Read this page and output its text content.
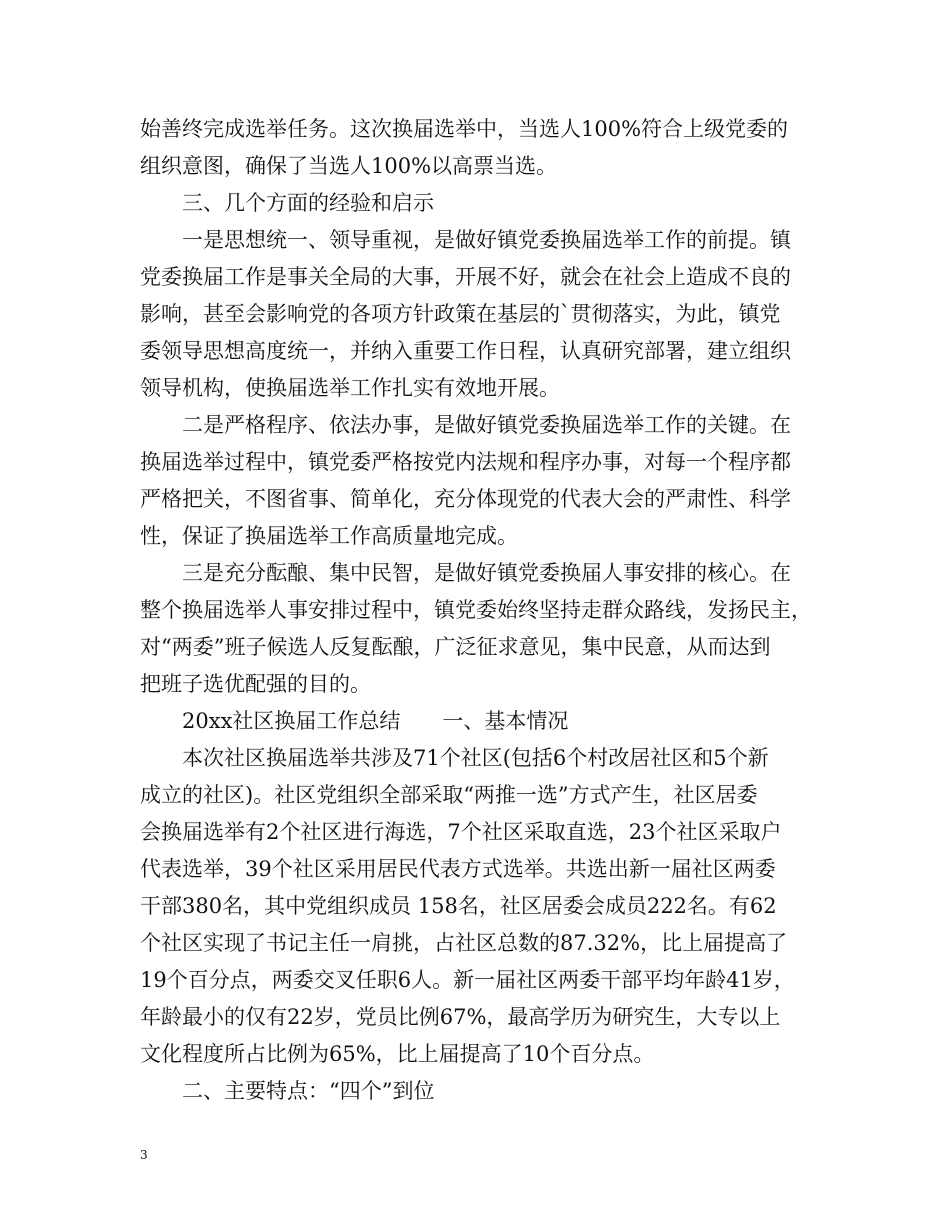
始善终完成选举任务。这次换届选举中，当选人100%符合上级党委的
组织意图，确保了当选人100%以高票当选。
三、几个方面的经验和启示
一是思想统一、领导重视，是做好镇党委换届选举工作的前提。镇
党委换届工作是事关全局的大事，开展不好，就会在社会上造成不良的
影响，甚至会影响党的各项方针政策在基层的`贯彻落实，为此，镇党
委领导思想高度统一，并纳入重要工作日程，认真研究部署，建立组织
领导机构，使换届选举工作扎实有效地开展。
二是严格程序、依法办事，是做好镇党委换届选举工作的关键。在
换届选举过程中，镇党委严格按党内法规和程序办事，对每一个程序都
严格把关，不图省事、简单化，充分体现党的代表大会的严肃性、科学
性，保证了换届选举工作高质量地完成。
三是充分酝酿、集中民智，是做好镇党委换届人事安排的核心。在
整个换届选举人事安排过程中，镇党委始终坚持走群众路线，发扬民主，
对“两委”班子候选人反复酝酿，广泛征求意见，集中民意，从而达到
把班子选优配强的目的。
20xx社区换届工作总结　　一、基本情况
本次社区换届选举共涉及71个社区(包括6个村改居社区和5个新
成立的社区)。社区党组织全部采取“两推一选”方式产生，社区居委
会换届选举有2个社区进行海选，7个社区采取直选，23个社区采取户
代表选举，39个社区采用居民代表方式选举。共选出新一届社区两委
干部380名，其中党组织成员 158名，社区居委会成员222名。有62
个社区实现了书记主任一肩挑，占社区总数的87.32%，比上届提高了
19个百分点，两委交叉任职6人。新一届社区两委干部平均年龄41岁，
年龄最小的仅有22岁，党员比例67%，最高学历为研究生，大专以上
文化程度所占比例为65%，比上届提高了10个百分点。
二、主要特点：“四个”到位
3
